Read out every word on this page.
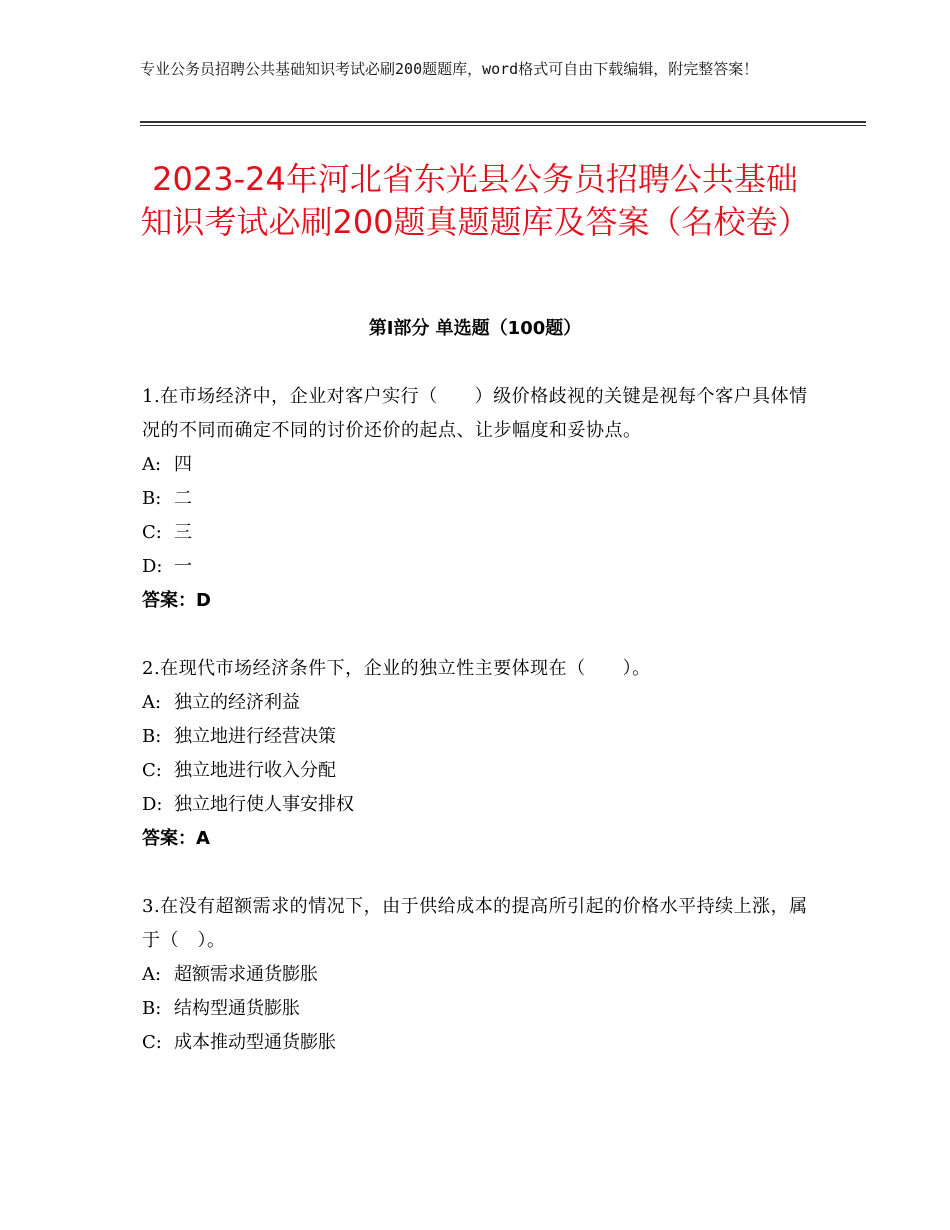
专业公务员招聘公共基础知识考试必刷200题题库，word格式可自由下载编辑，附完整答案！
2023-24年河北省东光县公务员招聘公共基础知识考试必刷200题真题题库及答案（名校卷）
第Ⅰ部分 单选题（100题）
1.在市场经济中，企业对客户实行（　　）级价格歧视的关键是视每个客户具体情况的不同而确定不同的讨价还价的起点、让步幅度和妥协点。
A: 四
B: 二
C: 三
D: 一
答案：D
2.在现代市场经济条件下，企业的独立性主要体现在（　　）。
A: 独立的经济利益
B: 独立地进行经营决策
C: 独立地进行收入分配
D: 独立地行使人事安排权
答案：A
3.在没有超额需求的情况下，由于供给成本的提高所引起的价格水平持续上涨，属于（　）。
A: 超额需求通货膨胀
B: 结构型通货膨胀
C: 成本推动型通货膨胀
